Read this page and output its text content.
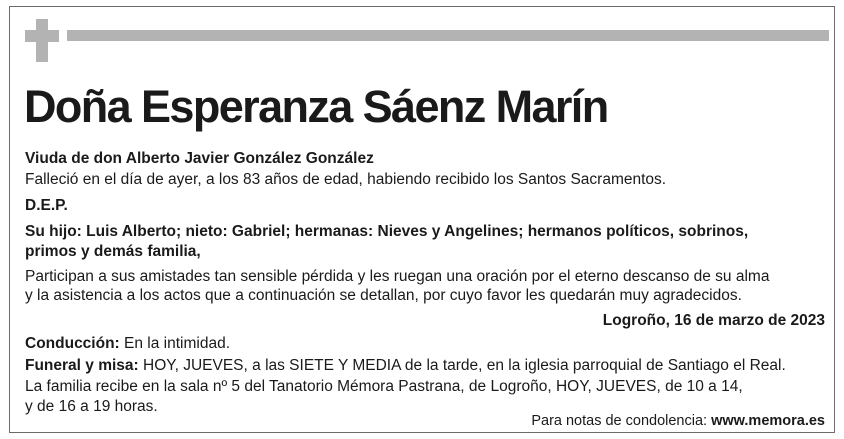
Doña Esperanza Sáenz Marín

Viuda de don Alberto Javier González González

Falleció en el día de ayer, a los 83 años de edad, habiendo recibido los Santos Sacramentos.

D.E.P.

Su hijo: Luis Alberto; nieto: Gabriel; hermanas: Nieves y Angelines; hermanos políticos, sobrinos,

primos y demás familia,

Participan a sus amistades tan sensible pérdida y les ruegan una oración por el eterno descanso de su alma

y la asistencia a los actos que a continuación se detallan, por cuyo favor les quedarán muy agradecidos.

Logroño, 16 de marzo de 2023

Conducción: En la intimidad.

Funeral y misa: HOY, JUEVES, a las SIETE Y MEDIA de la tarde, en la iglesia parroquial de Santiago el Real.

La familia recibe en la sala nº 5 del Tanatorio Mémora Pastrana, de Logroño, HOY, JUEVES, de 10 a 14,

y de 16 a 19 horas.

Para notas de condolencia: www.memora.es
